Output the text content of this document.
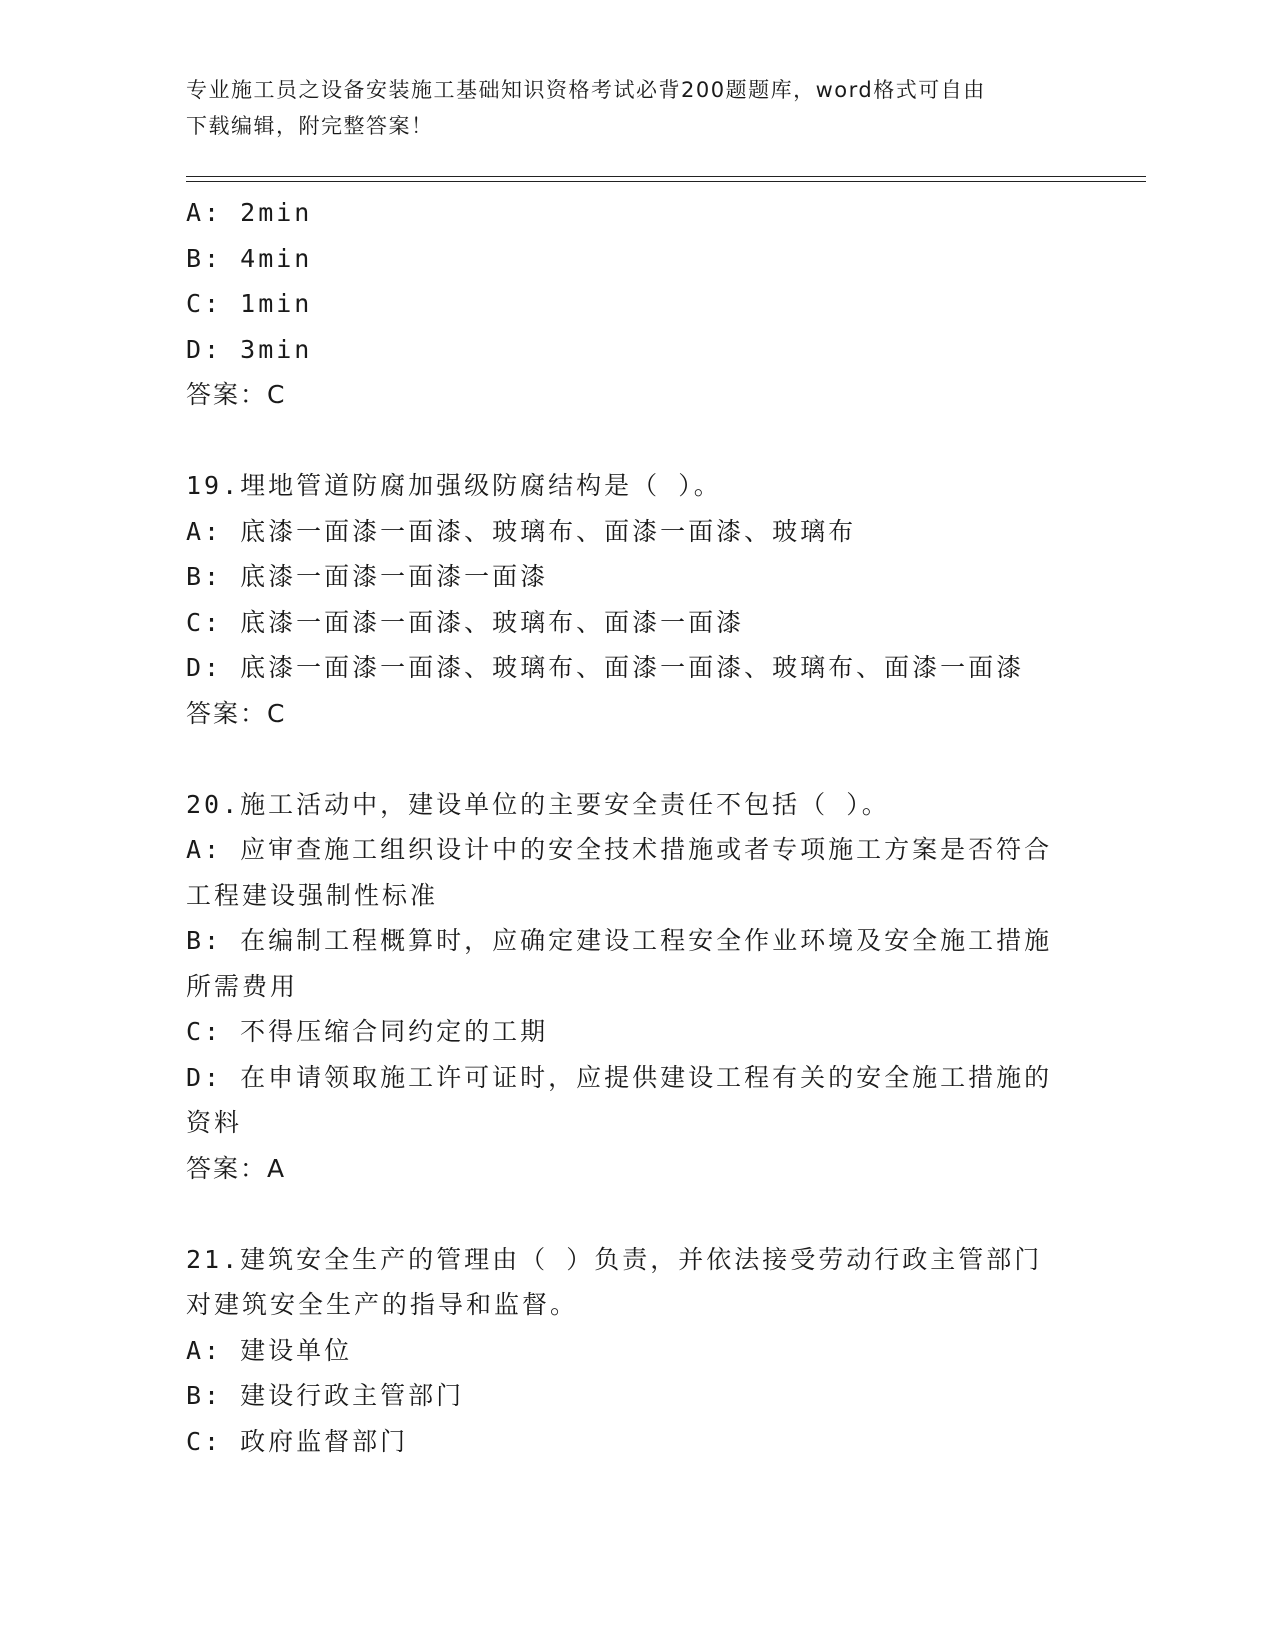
专业施工员之设备安装施工基础知识资格考试必背200题题库，word格式可自由
下载编辑，附完整答案！
A: 2min
B: 4min
C: 1min
D: 3min
答案：C
19.埋地管道防腐加强级防腐结构是（ ）。
A: 底漆一面漆一面漆、玻璃布、面漆一面漆、玻璃布
B: 底漆一面漆一面漆一面漆
C: 底漆一面漆一面漆、玻璃布、面漆一面漆
D: 底漆一面漆一面漆、玻璃布、面漆一面漆、玻璃布、面漆一面漆
答案：C
20.施工活动中，建设单位的主要安全责任不包括（ ）。
A: 应审查施工组织设计中的安全技术措施或者专项施工方案是否符合工程建设强制性标准
B: 在编制工程概算时，应确定建设工程安全作业环境及安全施工措施所需费用
C: 不得压缩合同约定的工期
D: 在申请领取施工许可证时，应提供建设工程有关的安全施工措施的资料
答案：A
21.建筑安全生产的管理由（ ）负责，并依法接受劳动行政主管部门对建筑安全生产的指导和监督。
A: 建设单位
B: 建设行政主管部门
C: 政府监督部门
